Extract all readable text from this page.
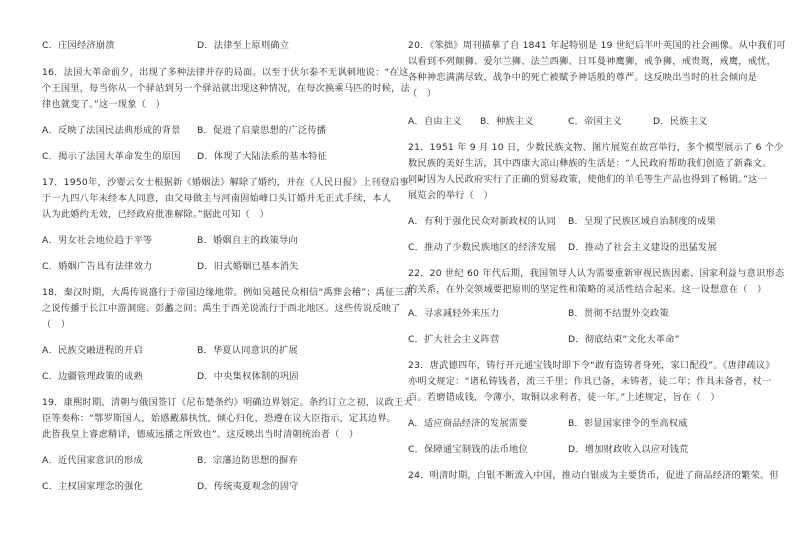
C．庄园经济崩溃	D．法律至上原则确立
16．法国大革命前夕，出现了多种法律并存的局面。以至于伏尔泰不无讽刺地说：“在这
个王国里，每当你从一个驿站到另一个驿站就出现这种情况，在每次换乘马匹的时候，法
律也就变了。”这一现象（　）
A．反映了法国民法典形成的背景 B．促进了启蒙思想的广泛传播
C．揭示了法国大革命发生的原因 D．体现了大陆法系的基本特征
17．1950年，沙婴云女士根据新《婚姻法》解除了婚约，并在《人民日报》上刊登启事：“
于一九四八年未经本人同意，由父母做主与河南固始峰口头订婚并无正式手续，本人
认为此婚约无效，已经政府批准解除。”据此可知（　）
A．男女社会地位趋于平等	B．婚姻自主的政策导向
C．婚姻广告具有法律效力	D．旧式婚姻已基本消失
18．秦汉时期，大禹传说盛行于帝国边缘地带。例如吴越民众相信“禹葬会稽”；禹征三苗
之说传播于长江中游洞庭、彭蠡之间；禹生于西羌说流行于西北地区。这些传说反映了
（　）
A．民族交融进程的开启	B．华夏认同意识的扩展
C．边疆管理政策的成熟	D．中央集权体制的巩固
19．康熙时期，清朝与俄国签订《尼布楚条约》明确边界划定。条约订立之初，议政王大
臣等奏称：“鄂罗斯国人，始感戴慕执忱，倾心归化，恐遵在议大臣指示，定其边界。
此皆我皇上睿虑精详，德威远播之所致也”。这反映出当时清朝统治者（　）
A．近代国家意识的形成	B．宗藩边防思想的摒弃
C．主权国家理念的强化	D．传统夷夏观念的固守
20．《笨拙》周刊描摹了自 1841 年起特别是 19 世纪后半叶英国的社会画像。从中我们可
以看到不列颠狮、爱尔兰狮、法兰西狮、日耳曼神鹰狮，戒争狮，戒贵鸳，戒鹰，戒忧，
各种神恋满满尽致，战争中的死亡被赋予神话般的尊严。这反映出当时的社会倾向是
（　）
A．自由主义 B．种族主义	C．帝国主义	D．民族主义
21．1951 年 9 月 10 日，少数民族文物、图片展览在故宫举行，多个模型展示了 6 个少
数民族的美好生活，其中西康大凉山彝族的生活是：“人民政府帮助我们创造了新森文。
同时因为人民政府实行了正确的贸易政策，使他们的羊毛等生产品也得到了畅销。”这一
展览会的举行（　）
A．有利于强化民众对新政权的认同 B．呈现了民族区域自治制度的成果
C．推动了少数民族地区的经济发展 D．推动了社会主义建设的迅猛发展
22．20 世纪 60 年代后期，我国领导人认为需要重新审视民族因素、国家利益与意识形态
的关系，在外交领域要把原则的坚定性和策略的灵活性结合起来。这一设想意在（　）
A．寻求减轻外来压力	B．贯彻不结盟外交政策
C．扩大社会主义阵营	D．彻底结束“文化大革命”
23．唐武德四年，铸行开元通宝钱时即下令“敢有盗铸者身死，家口配役”。《唐律疏议》
亦明文规定：“诸私铸钱者，流三千里；作具已备，未铸者，徒二年；作具未备者，杖一
百。若磨错成钱，令薄小，取铜以求利者，徒一年。”上述规定，旨在（　）
A．适应商品经济的发展需要	B．彰显国家律令的至高权威
C．保障通宝制钱的法币地位	D．增加财政收入以应对钱荒
24．明清时期，白银不断流入中国，推动白银成为主要货币，促进了商品经济的繁荣。但
